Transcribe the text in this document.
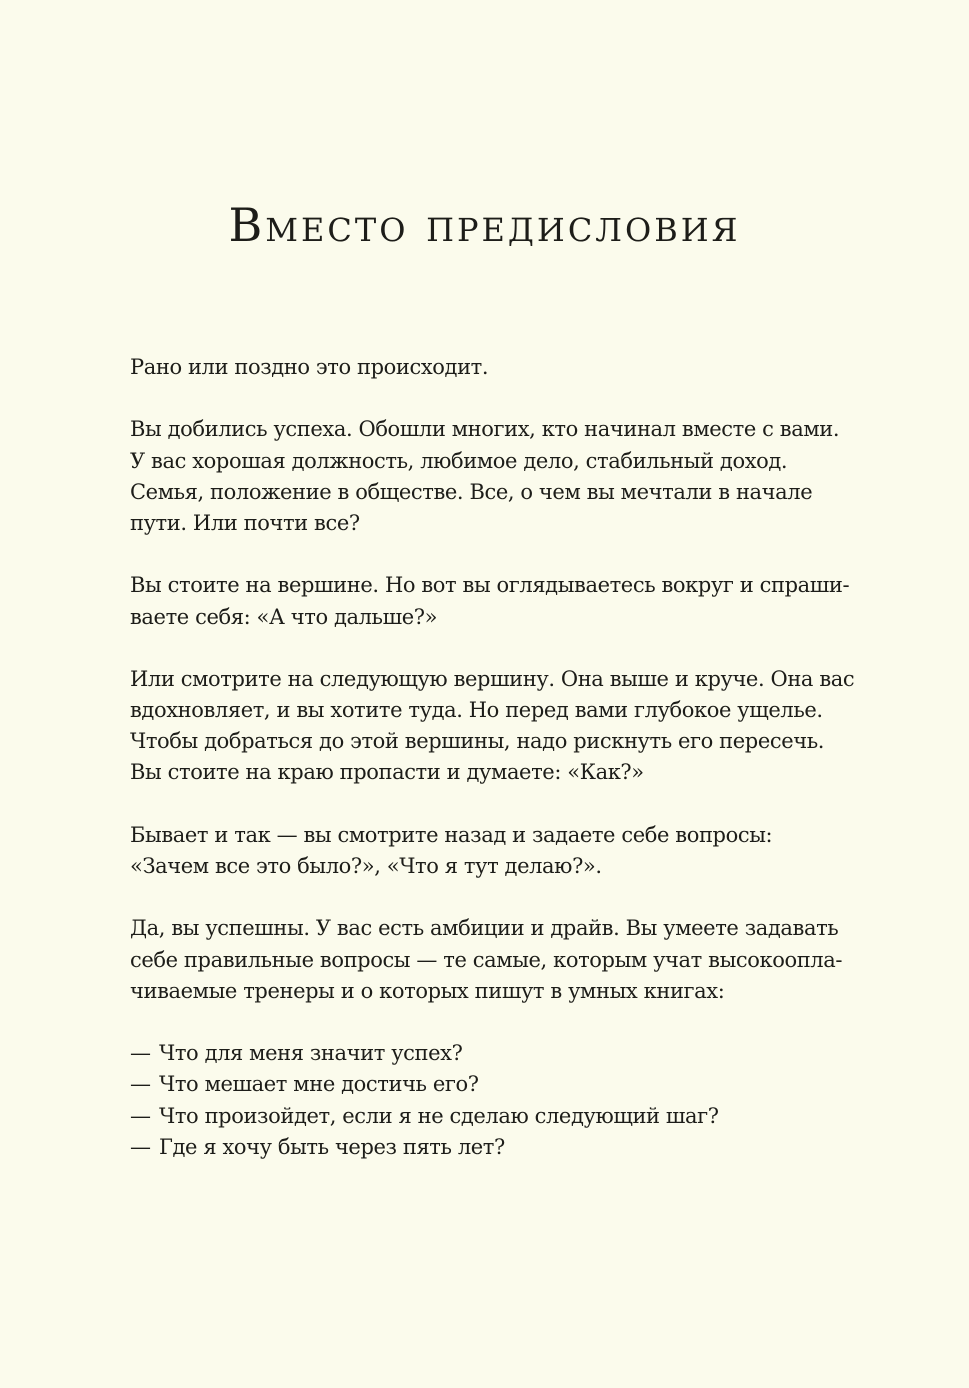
Вместо предисловия
Рано или поздно это происходит.
Вы добились успеха. Обошли многих, кто начинал вместе с вами.
У вас хорошая должность, любимое дело, стабильный доход.
Семья, положение в обществе. Все, о чем вы мечтали в начале
пути. Или почти все?
Вы стоите на вершине. Но вот вы оглядываетесь вокруг и спраши-
ваете себя: «А что дальше?»
Или смотрите на следующую вершину. Она выше и круче. Она вас
вдохновляет, и вы хотите туда. Но перед вами глубокое ущелье.
Чтобы добраться до этой вершины, надо рискнуть его пересечь.
Вы стоите на краю пропасти и думаете: «Как?»
Бывает и так — вы смотрите назад и задаете себе вопросы:
«Зачем все это было?», «Что я тут делаю?».
Да, вы успешны. У вас есть амбиции и драйв. Вы умеете задавать
себе правильные вопросы — те самые, которым учат высокоопла-
чиваемые тренеры и о которых пишут в умных книгах:
— Что для меня значит успех?
— Что мешает мне достичь его?
— Что произойдет, если я не сделаю следующий шаг?
— Где я хочу быть через пять лет?
